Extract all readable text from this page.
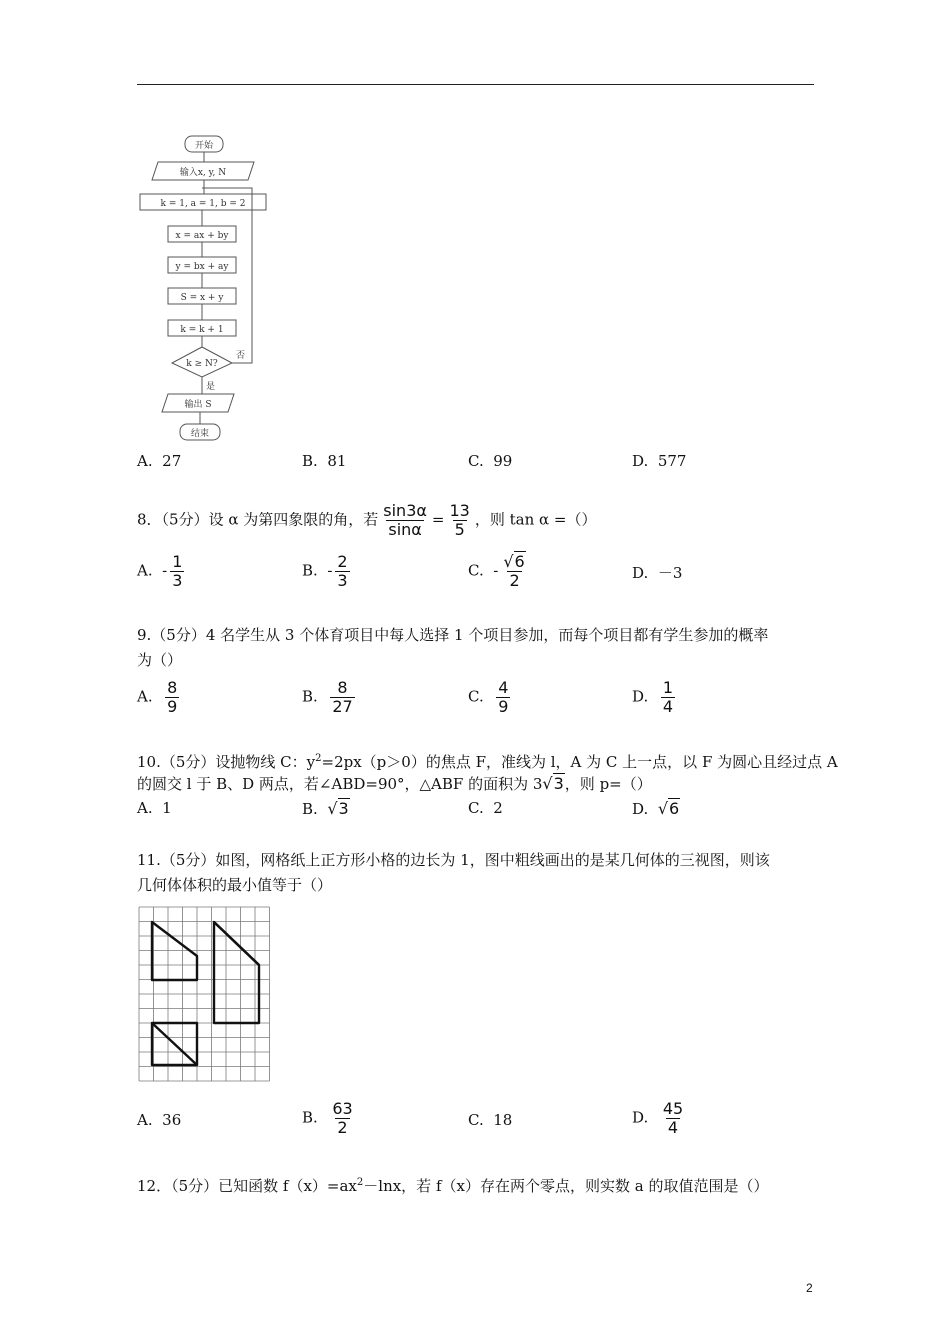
开始
输入x, y, N
k = 1, a = 1, b = 2
x = ax + by
y = bx + ay
S = x + y
k = k + 1
k ≥ N?
否
是
输出 S
结束
A. 27	B. 81	C. 99	D. 577
8．（5分）设 α 为第四象限的角，若 $\frac{\sin 3\alpha}{\sin\alpha} = \frac{13}{5}$ ，则 tan α =（）
A. - $\frac{1}{3}$	B. - $\frac{2}{3}$	C. - $\frac{√6}{2}$	D. －3
9.（5分）4 名学生从 3 个体育项目中每人选择 1 个项目参加，而每个项目都有学生参加的概率
为（）
A. $\frac{8}{9}$	B. $\frac{8}{27}$	C. $\frac{4}{9}$	D. $\frac{1}{4}$
10.（5分）设抛物线 C：$y^2=2px(p>0)$的焦点 F，准线为 l，A 为 C 上一点，以 F 为圆心且经过点 A
的圆交 l 于 B、D 两点，若∠ABD=90°，△ABF 的面积为 3√3，则 p=（）
A. 1	B. √3	C. 2	D. √6
11.（5分）如图，网格纸上正方形小格的边长为 1，图中粗线画出的是某几何体的三视图，则该
几何体体积的最小值等于（）
A. 36	B. $\frac{63}{2}$	C. 18	D. $\frac{45}{4}$
12．（5分）已知函数 $f(x)=ax^2-\ln x$，若 f（x）存在两个零点，则实数 a 的取值范围是（）
2
